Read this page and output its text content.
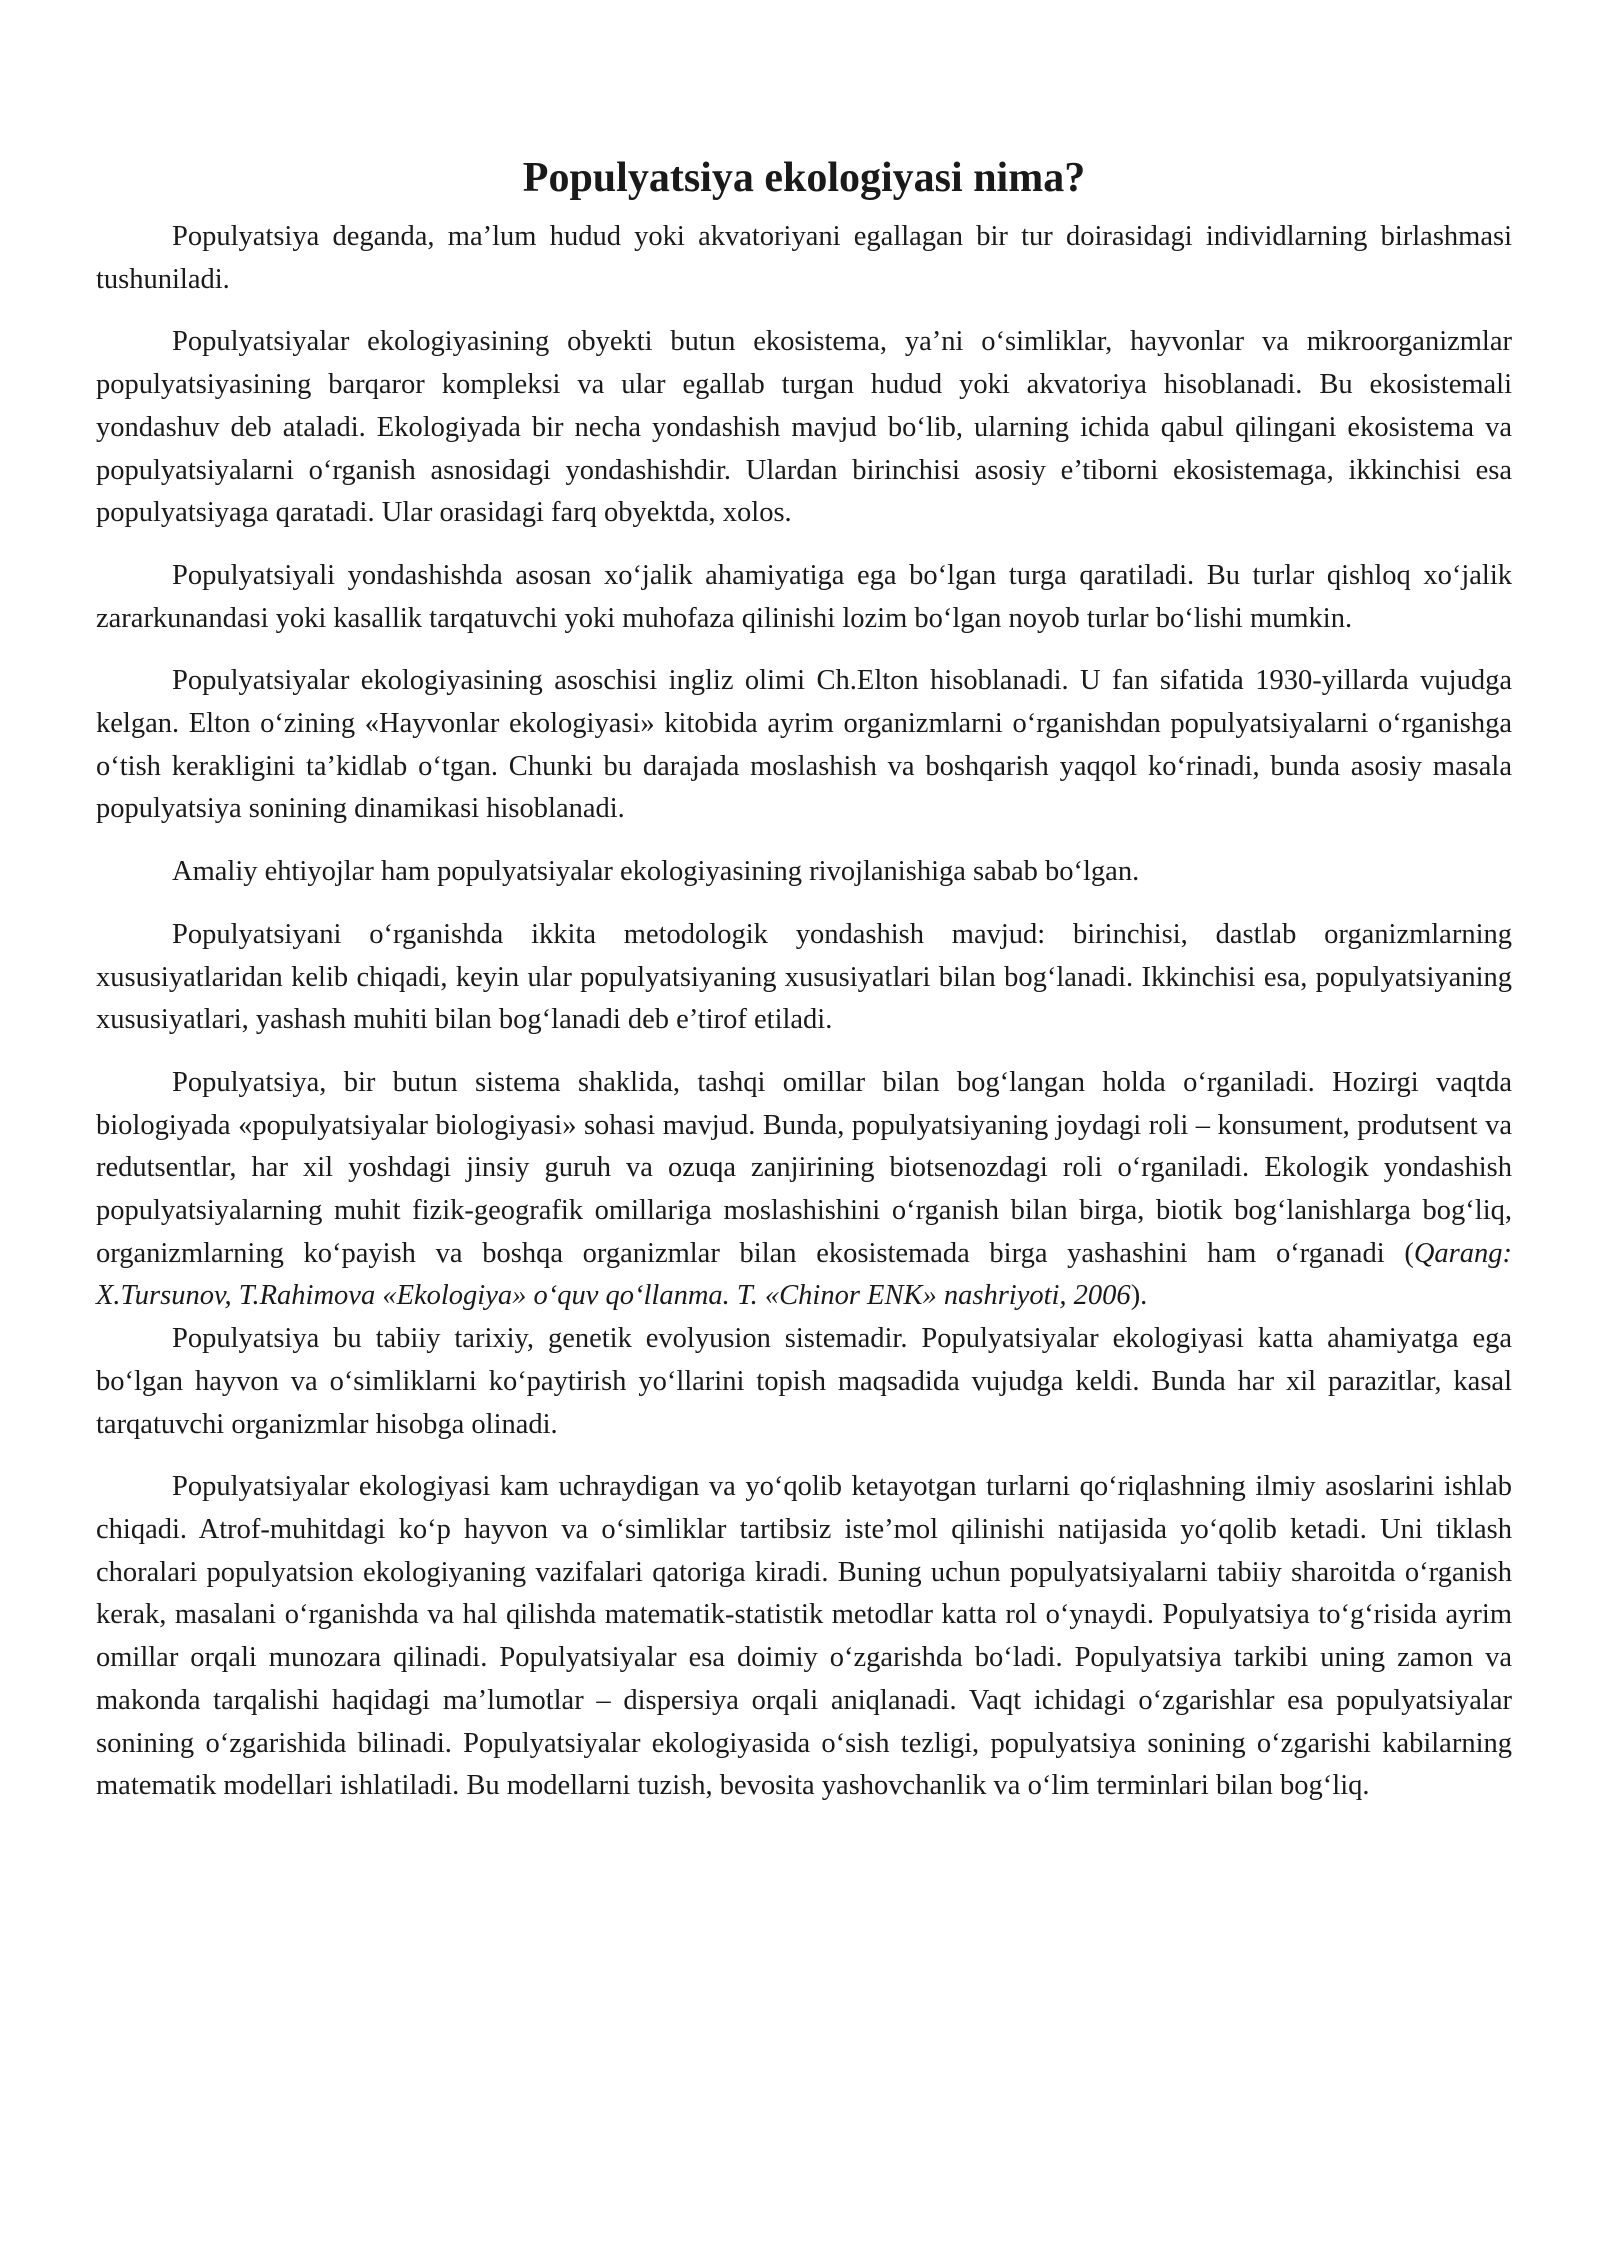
Populyatsiya ekologiyasi nima?

Populyatsiya deganda, ma’lum hudud yoki akvatoriyani egallagan bir tur doirasidagi individlarning birlashmasi tushuniladi.

Populyatsiyalar ekologiyasining obyekti butun ekosistema, ya’ni o‘simliklar, hayvonlar va mikroorganizmlar populyatsiyasining barqaror kompleksi va ular egallab turgan hudud yoki akvatoriya hisoblanadi. Bu ekosistemali yondashuv deb ataladi. Ekologiyada bir necha yondashish mavjud bo‘lib, ularning ichida qabul qilingani ekosistema va populyatsiyalarni o‘rganish asnosidagi yondashishdir. Ulardan birinchisi asosiy e’tiborni ekosistemaga, ikkinchisi esa populyatsiyaga qaratadi. Ular orasidagi farq obyektda, xolos.

Populyatsiyali yondashishda asosan xo‘jalik ahamiyatiga ega bo‘lgan turga qaratiladi. Bu turlar qishloq xo‘jalik zararkunandasi yoki kasallik tarqatuvchi yoki muhofaza qilinishi lozim bo‘lgan noyob turlar bo‘lishi mumkin.

Populyatsiyalar ekologiyasining asoschisi ingliz olimi Ch.Elton hisoblanadi. U fan sifatida 1930-yillarda vujudga kelgan. Elton o‘zining «Hayvonlar ekologiyasi» kitobida ayrim organizmlarni o‘rganishdan populyatsiyalarni o‘rganishga o‘tish kerakligini ta’kidlab o‘tgan. Chunki bu darajada moslashish va boshqarish yaqqol ko‘rinadi, bunda asosiy masala populyatsiya sonining dinamikasi hisoblanadi.

Amaliy ehtiyojlar ham populyatsiyalar ekologiyasining rivojlanishiga sabab bo‘lgan.

Populyatsiyani o‘rganishda ikkita metodologik yondashish mavjud: birinchisi, dastlab organizmlarning xususiyatlaridan kelib chiqadi, keyin ular populyatsiyaning xususiyatlari bilan bog‘lanadi. Ikkinchisi esa, populyatsiyaning xususiyatlari, yashash muhiti bilan bog‘lanadi deb e’tirof etiladi.

Populyatsiya, bir butun sistema shaklida, tashqi omillar bilan bog‘langan holda o‘rganiladi. Hozirgi vaqtda biologiyada «populyatsiyalar biologiyasi» sohasi mavjud. Bunda, populyatsiyaning joydagi roli – konsument, produtsent va redutsentlar, har xil yoshdagi jinsiy guruh va ozuqa zanjirining biotsenozdagi roli o‘rganiladi. Ekologik yondashish populyatsiyalarning muhit fizik-geografik omillariga moslashishini o‘rganish bilan birga, biotik bog‘lanishlarga bog‘liq, organizmlarning ko‘payish va boshqa organizmlar bilan ekosistemada birga yashashini ham o‘rganadi (Qarang: X.Tursunov, T.Rahimova «Ekologiya» o‘quv qo‘llanma. T. «Chinor ENK» nashriyoti, 2006).

Populyatsiya bu tabiiy tarixiy, genetik evolyusion sistemadir. Populyatsiyalar ekologiyasi katta ahamiyatga ega bo‘lgan hayvon va o‘simliklarni ko‘paytirish yo‘llarini topish maqsadida vujudga keldi. Bunda har xil parazitlar, kasal tarqatuvchi organizmlar hisobga olinadi.

Populyatsiyalar ekologiyasi kam uchraydigan va yo‘qolib ketayotgan turlarni qo‘riqlashning ilmiy asoslarini ishlab chiqadi. Atrof-muhitdagi ko‘p hayvon va o‘simliklar tartibsiz iste’mol qilinishi natijasida yo‘qolib ketadi. Uni tiklash choralari populyatsion ekologiyaning vazifalari qatoriga kiradi. Buning uchun populyatsiyalarni tabiiy sharoitda o‘rganish kerak, masalani o‘rganishda va hal qilishda matematik-statistik metodlar katta rol o‘ynaydi. Populyatsiya to‘g‘risida ayrim omillar orqali munozara qilinadi. Populyatsiyalar esa doimiy o‘zgarishda bo‘ladi. Populyatsiya tarkibi uning zamon va makonda tarqalishi haqidagi ma’lumotlar – dispersiya orqali aniqlanadi. Vaqt ichidagi o‘zgarishlar esa populyatsiyalar sonining o‘zgarishida bilinadi. Populyatsiyalar ekologiyasida o‘sish tezligi, populyatsiya sonining o‘zgarishi kabilarning matematik modellari ishlatiladi. Bu modellarni tuzish, bevosita yashovchanlik va o‘lim terminlari bilan bog‘liq.
